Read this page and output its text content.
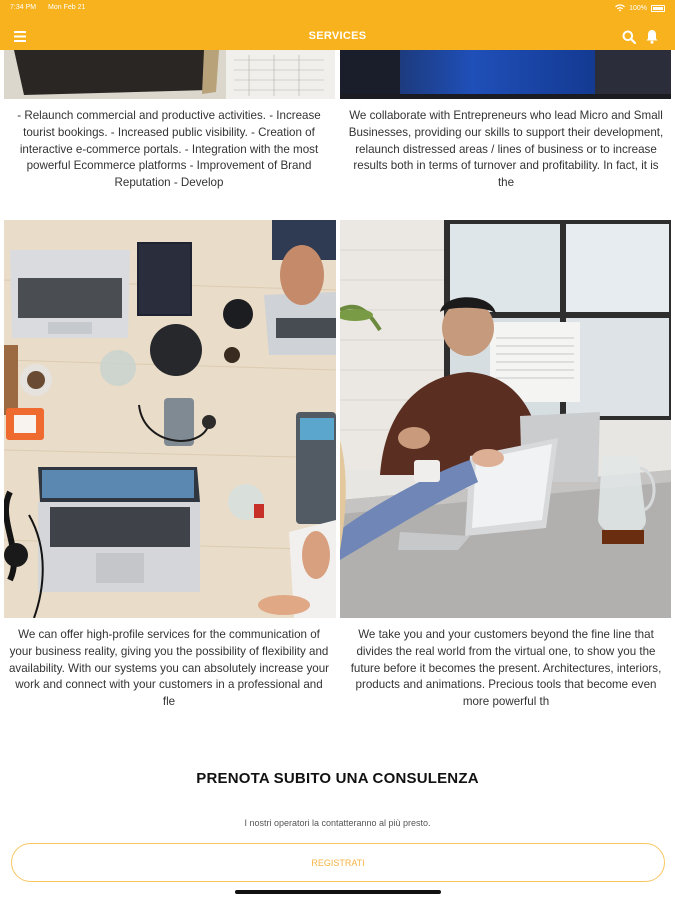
7:34 PM Mon Feb 21	100%
SERVICES
- Relaunch commercial and productive activities. - Increase tourist bookings. - Increased public visibility. - Creation of interactive e-commerce portals. - Integration with the most powerful Ecommerce platforms - Improvement of Brand Reputation - Develop
We collaborate with Entrepreneurs who lead Micro and Small Businesses, providing our skills to support their development, relaunch distressed areas / lines of business or to increase results both in terms of turnover and profitability. In fact, it is the
We can offer high-profile services for the communication of your business reality, giving you the possibility of flexibility and availability. With our systems you can absolutely increase your work and connect with your customers in a professional and fle
We take you and your customers beyond the fine line that divides the real world from the virtual one, to show you the future before it becomes the present. Architectures, interiors, products and animations. Precious tools that become even more powerful th
PRENOTA SUBITO UNA CONSULENZA
I nostri operatori la contatteranno al più presto.
REGISTRATI
